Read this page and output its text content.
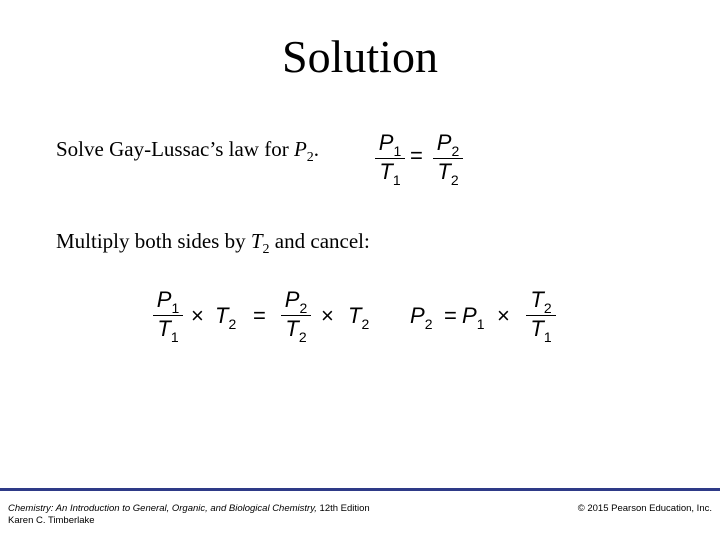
Solution
Solve Gay-Lussac’s law for $P_2$.	$P_1$
$T_1$
=
$P_2$
$T_2$
Multiply both sides by $T_2$ and cancel:
$P_1$
$T_1$
× $T_2$ =
$P_2$
$T_2$
× $T_2$ $P_2 = P_1$ ×
$T_2$
$T_1$
Chemistry: An Introduction to General, Organic, and Biological Chemistry, 12th Edition
Karen C. Timberlake
© 2015 Pearson Education, Inc.
